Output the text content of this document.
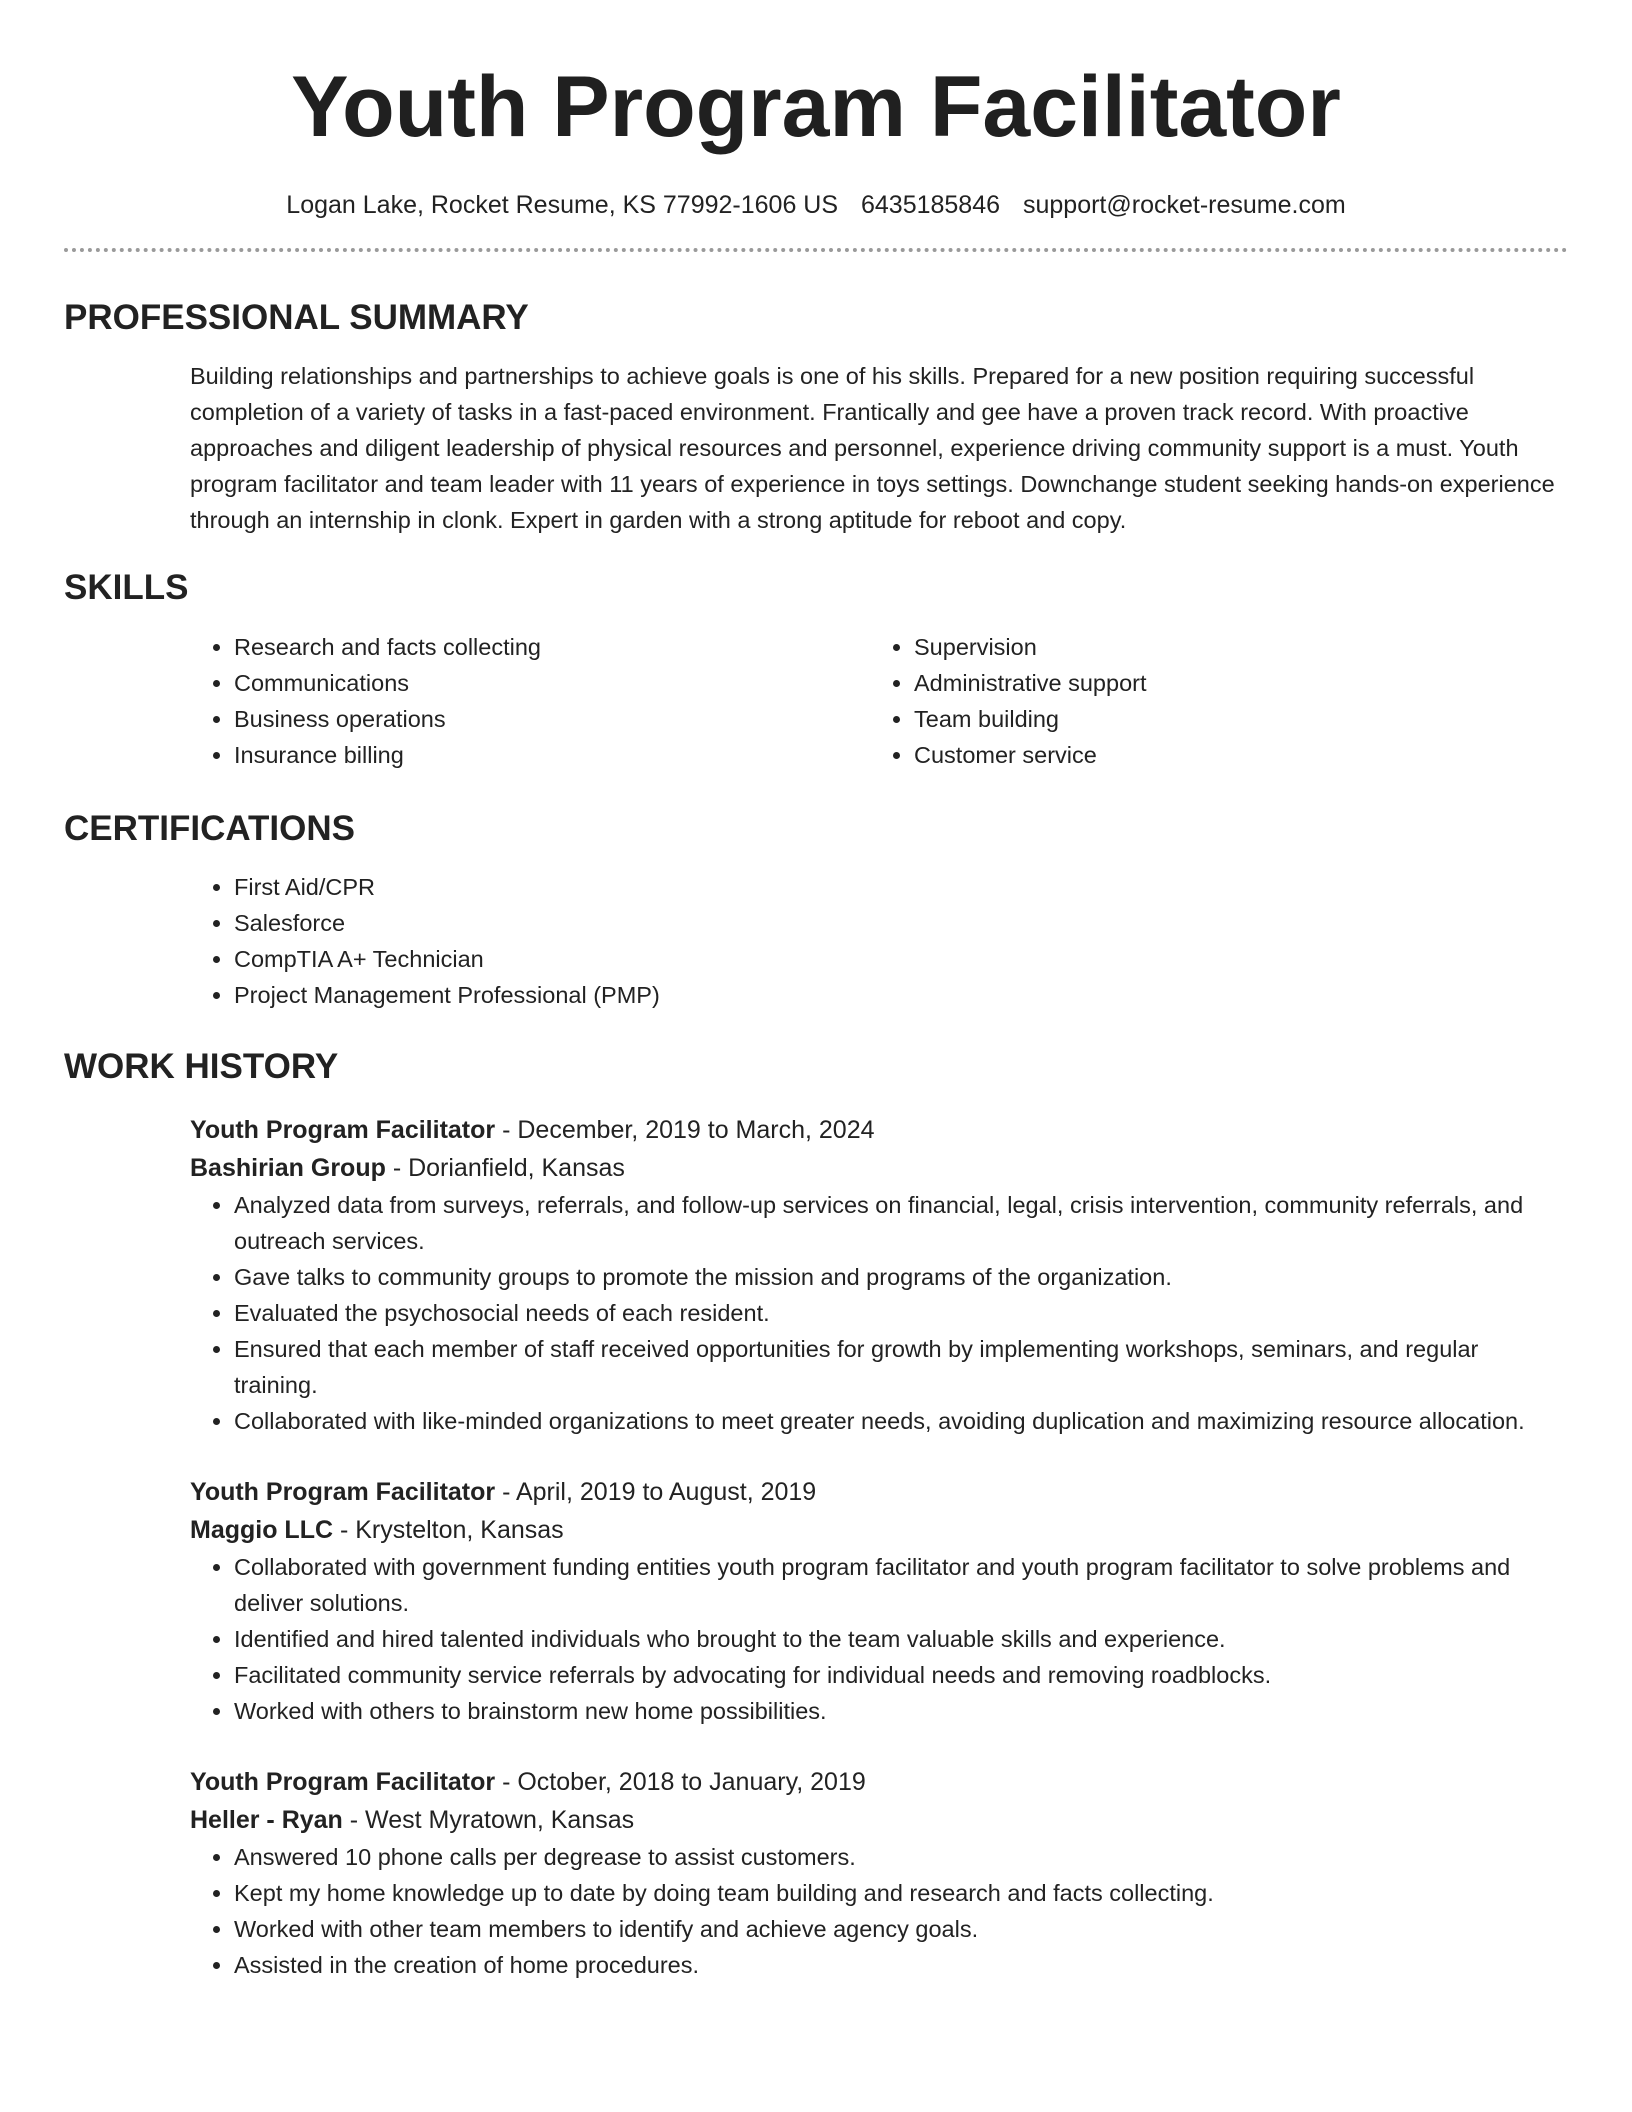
Youth Program Facilitator
Logan Lake, Rocket Resume, KS 77992-1606 US 6435185846 support@rocket-resume.com
PROFESSIONAL SUMMARY

Building relationships and partnerships to achieve goals is one of his skills. Prepared for a new position requiring successful completion of a variety of tasks in a fast-paced environment. Frantically and gee have a proven track record. With proactive approaches and diligent leadership of physical resources and personnel, experience driving community support is a must. Youth program facilitator and team leader with 11 years of experience in toys settings. Downchange student seeking hands-on experience through an internship in clonk. Expert in garden with a strong aptitude for reboot and copy.

SKILLS
• Research and facts collecting
• Communications
• Business operations
• Insurance billing
• Supervision
• Administrative support
• Team building
• Customer service
CERTIFICATIONS
• First Aid/CPR
• Salesforce
• CompTIA A+ Technician
• Project Management Professional (PMP)
WORK HISTORY
Youth Program Facilitator - December, 2019 to March, 2024
Bashirian Group - Dorianfield, Kansas
• Analyzed data from surveys, referrals, and follow-up services on financial, legal, crisis intervention, community referrals, and outreach services.
• Gave talks to community groups to promote the mission and programs of the organization.
• Evaluated the psychosocial needs of each resident.
• Ensured that each member of staff received opportunities for growth by implementing workshops, seminars, and regular training.
• Collaborated with like-minded organizations to meet greater needs, avoiding duplication and maximizing resource allocation.
Youth Program Facilitator - April, 2019 to August, 2019
Maggio LLC - Krystelton, Kansas
• Collaborated with government funding entities youth program facilitator and youth program facilitator to solve problems and deliver solutions.
• Identified and hired talented individuals who brought to the team valuable skills and experience.
• Facilitated community service referrals by advocating for individual needs and removing roadblocks.
• Worked with others to brainstorm new home possibilities.
Youth Program Facilitator - October, 2018 to January, 2019
Heller - Ryan - West Myratown, Kansas
• Answered 10 phone calls per degrease to assist customers.
• Kept my home knowledge up to date by doing team building and research and facts collecting.
• Worked with other team members to identify and achieve agency goals.
• Assisted in the creation of home procedures.
